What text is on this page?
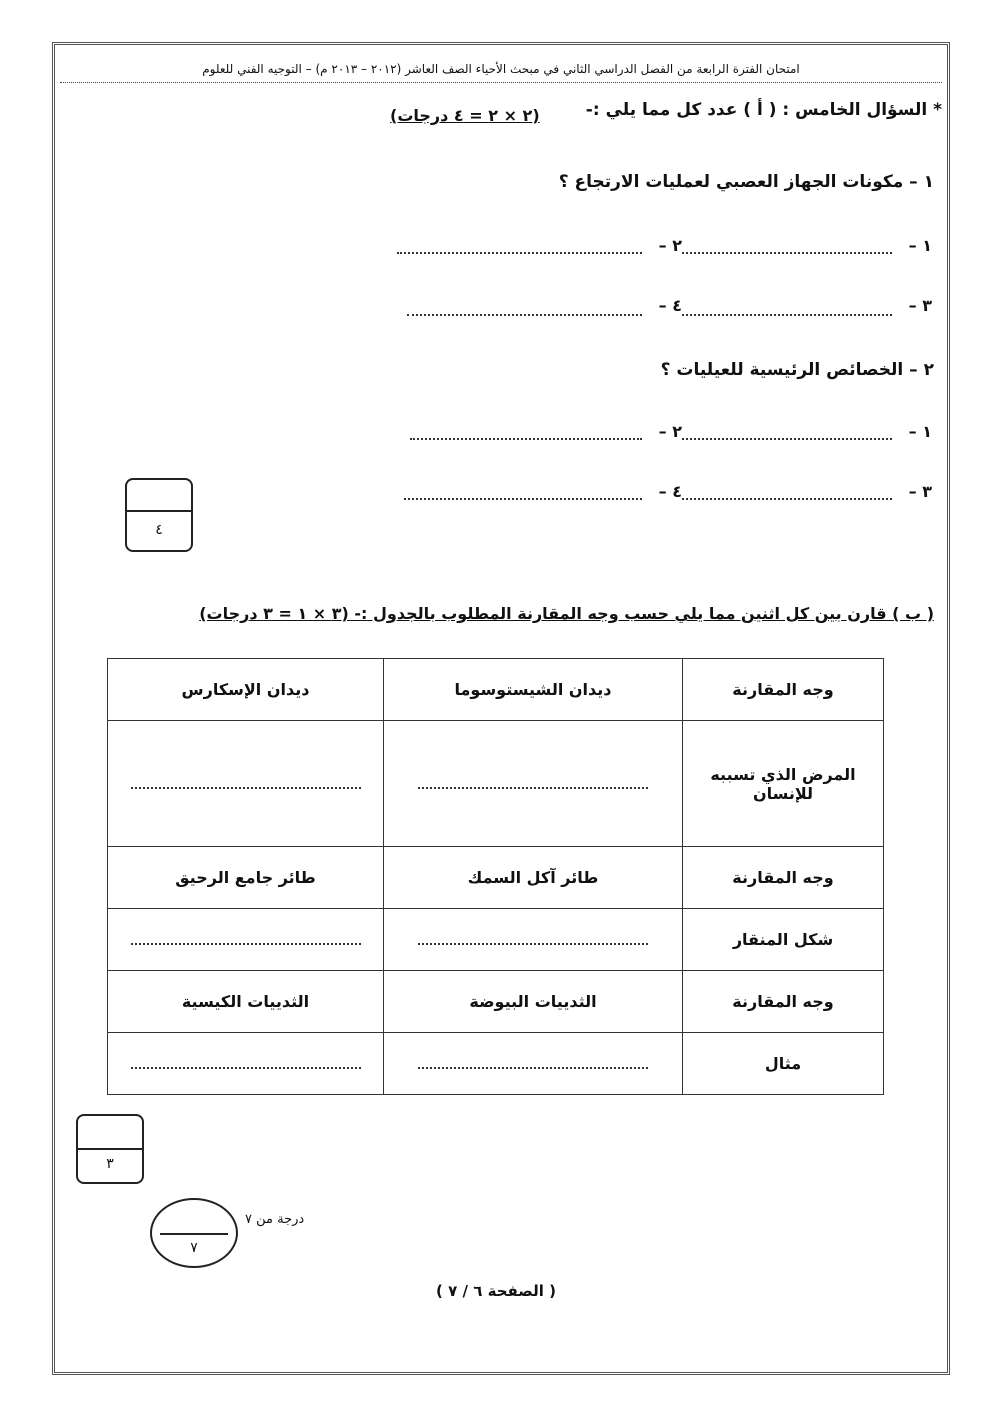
امتحان الفترة الرابعة من الفصل الدراسي الثاني في مبحث الأحياء الصف العاشر (٢٠١٢ – ٢٠١٣ م) – التوجيه الفني للعلوم
* السؤال الخامس : ( أ ) عدد كل مما يلي :-
(٢ × ٢ = ٤ درجات)
١ – مكونات الجهاز العصبي لعمليات الارتجاع ؟
١ –
٢ –
٣ –
٤ –
٢ – الخصائص الرئيسية للعيليات ؟
١ –
٢ –
٣ –
٤ –
٤
( ب ) قارن بين كل اثنين مما يلي حسب وجه المقارنة المطلوب بالجدول :- (٣ × ١ = ٣ درجات)
وجه المقارنة	ديدان الشيستوسوما	ديدان الإسكارس
المرض الذي تسببه للإنسان		
وجه المقارنة	طائر آكل السمك	طائر جامع الرحيق
شكل المنقار		
وجه المقارنة	الثدييات البيوضة	الثدييات الكيسية
مثال		
٣
٧
درجة من ٧
( الصفحة ٦ / ٧ )
